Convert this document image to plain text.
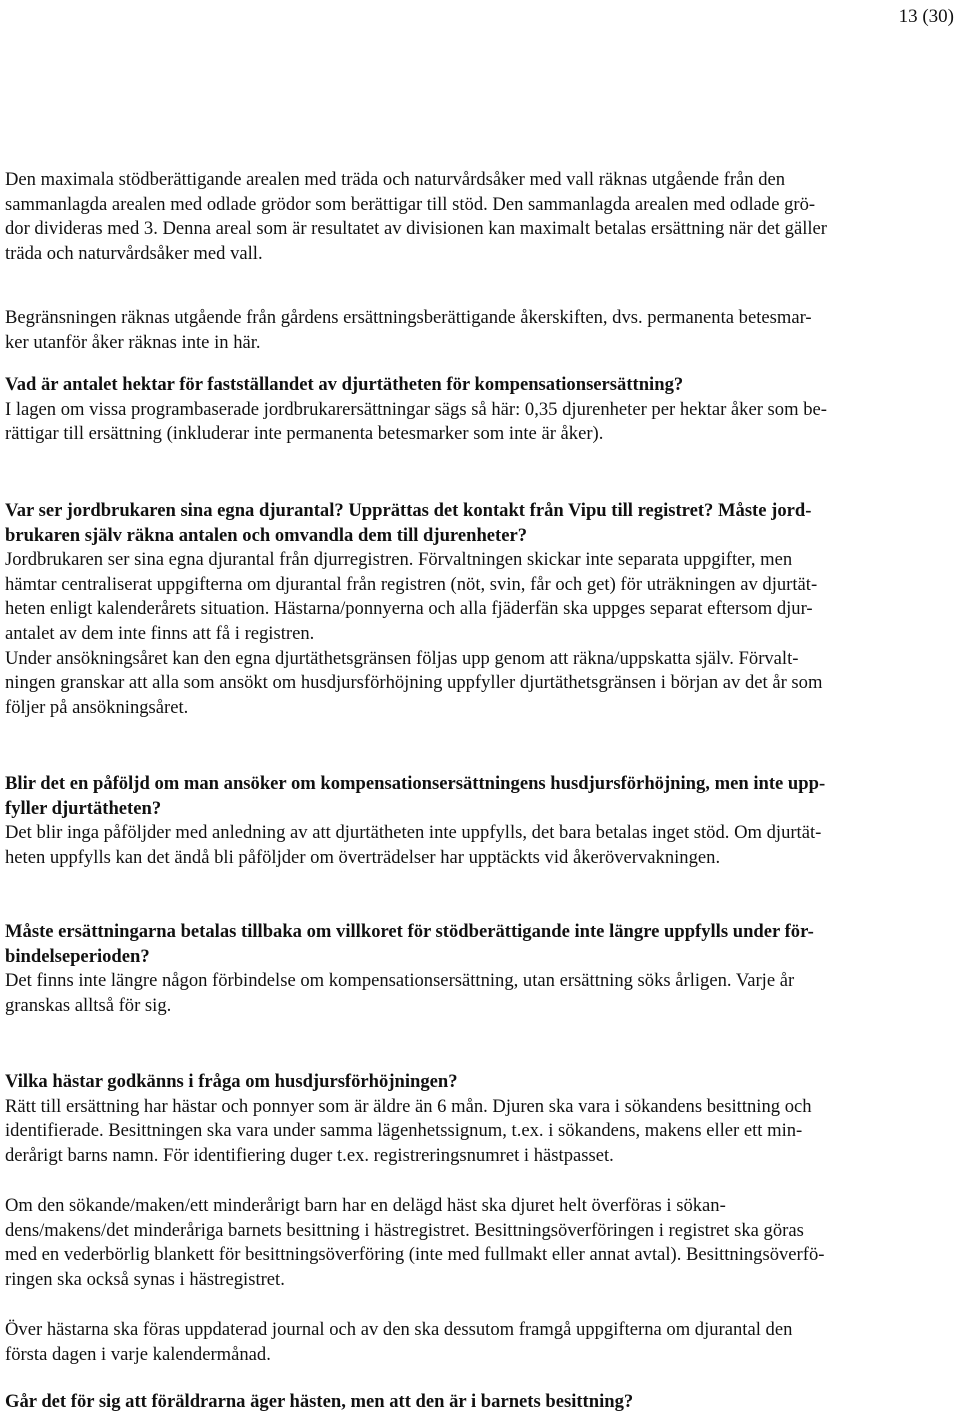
13 (30)
Den maximala stödberättigande arealen med träda och naturvårdsåker med vall räknas utgående från den
sammanlagda arealen med odlade grödor som berättigar till stöd. Den sammanlagda arealen med odlade grö-
dor divideras med 3. Denna areal som är resultatet av divisionen kan maximalt betalas ersättning när det gäller
träda och naturvårdsåker med vall.
Begränsningen räknas utgående från gårdens ersättningsberättigande åkerskiften, dvs. permanenta betesmar-
ker utanför åker räknas inte in här.
Vad är antalet hektar för fastställandet av djurtätheten för kompensationsersättning?
I lagen om vissa programbaserade jordbrukarersättningar sägs så här: 0,35 djurenheter per hektar åker som be-
rättigar till ersättning (inkluderar inte permanenta betesmarker som inte är åker).
Var ser jordbrukaren sina egna djurantal? Upprättas det kontakt från Vipu till registret? Måste jord-
brukaren själv räkna antalen och omvandla dem till djurenheter?
Jordbrukaren ser sina egna djurantal från djurregistren. Förvaltningen skickar inte separata uppgifter, men
hämtar centraliserat uppgifterna om djurantal från registren (nöt, svin, får och get) för uträkningen av djurtät-
heten enligt kalenderårets situation. Hästarna/ponnyerna och alla fjäderfän ska uppges separat eftersom djur-
antalet av dem inte finns att få i registren.
Under ansökningsåret kan den egna djurtäthetsgränsen följas upp genom att räkna/uppskatta själv. Förvalt-
ningen granskar att alla som ansökt om husdjursförhöjning uppfyller djurtäthetsgränsen i början av det år som
följer på ansökningsåret.
Blir det en påföljd om man ansöker om kompensationsersättningens husdjursförhöjning, men inte upp-
fyller djurtätheten?
Det blir inga påföljder med anledning av att djurtätheten inte uppfylls, det bara betalas inget stöd. Om djurtät-
heten uppfylls kan det ändå bli påföljder om överträdelser har upptäckts vid åkerövervakningen.
Måste ersättningarna betalas tillbaka om villkoret för stödberättigande inte längre uppfylls under för-
bindelseperioden?
Det finns inte längre någon förbindelse om kompensationsersättning, utan ersättning söks årligen. Varje år
granskas alltså för sig.
Vilka hästar godkänns i fråga om husdjursförhöjningen?
Rätt till ersättning har hästar och ponnyer som är äldre än 6 mån. Djuren ska vara i sökandens besittning och
identifierade. Besittningen ska vara under samma lägenhetssignum, t.ex. i sökandens, makens eller ett min-
derårigt barns namn. För identifiering duger t.ex. registreringsnumret i hästpasset.
Om den sökande/maken/ett minderårigt barn har en delägd häst ska djuret helt överföras i sökan-
dens/makens/det minderåriga barnets besittning i hästregistret. Besittningsöverföringen i registret ska göras
med en vederbörlig blankett för besittningsöverföring (inte med fullmakt eller annat avtal). Besittningsöverfö-
ringen ska också synas i hästregistret.
Över hästarna ska föras uppdaterad journal och av den ska dessutom framgå uppgifterna om djurantal den
första dagen i varje kalendermånad.
Går det för sig att föräldrarna äger hästen, men att den är i barnets besittning?
